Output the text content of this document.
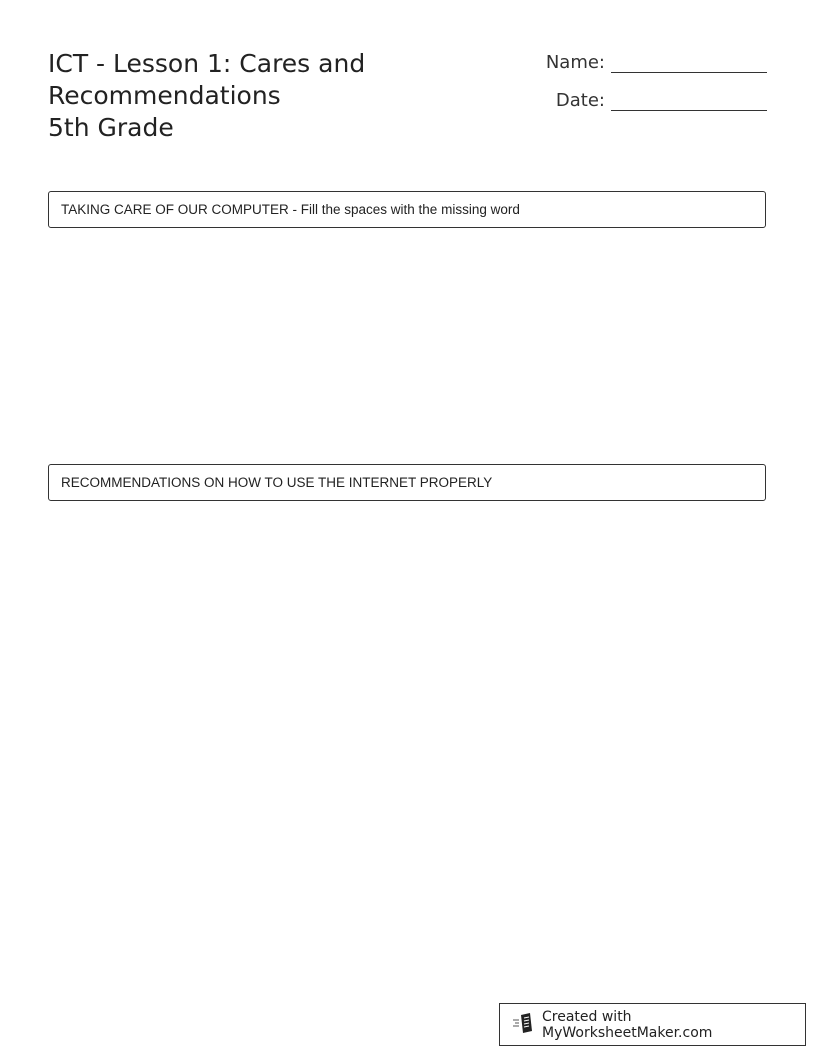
ICT - Lesson 1: Cares and
Recommendations
5th Grade
Name:
Date:
TAKING CARE OF OUR COMPUTER - Fill the spaces with the missing word
RECOMMENDATIONS ON HOW TO USE THE INTERNET PROPERLY
Created with MyWorksheetMaker.com
